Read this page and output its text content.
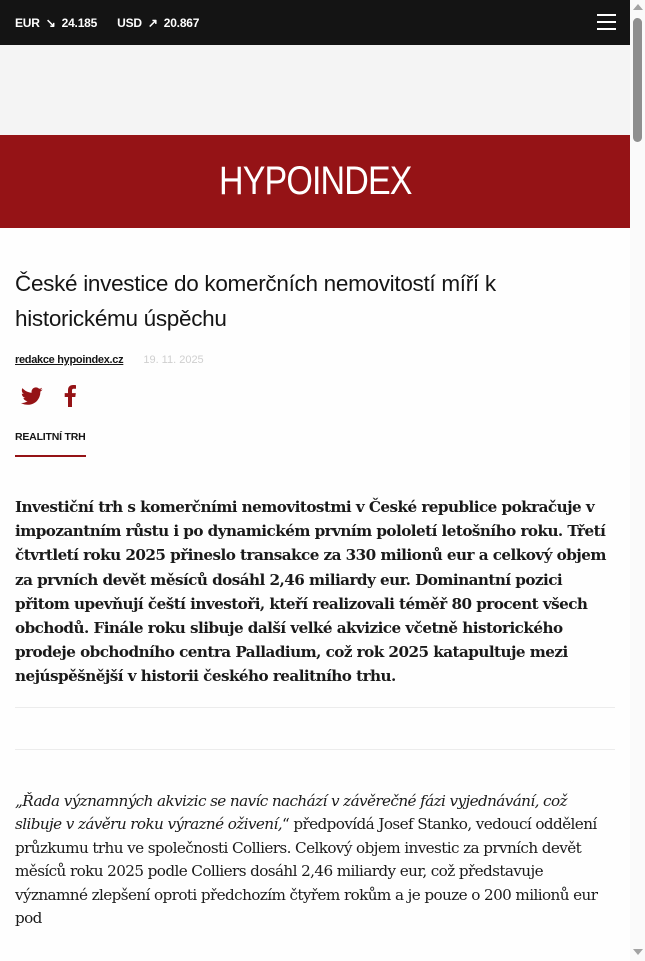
EUR ↘ 24.185 USD ↗ 20.867
HYPOINDEX
České investice do komerčních nemovitostí míří k historickému úspěchu
redakce hypoindex.cz 19. 11. 2025
REALITNÍ TRH

Investiční trh s komerčními nemovitostmi v České republice pokračuje v impozantním růstu i po dynamickém prvním pololetí letošního roku. Třetí čtvrtletí roku 2025 přineslo transakce za 330 milionů eur a celkový objem za prvních devět měsíců dosáhl 2,46 miliardy eur. Dominantní pozici přitom upevňují čeští investoři, kteří realizovali téměř 80 procent všech obchodů. Finále roku slibuje další velké akvizice včetně historického prodeje obchodního centra Palladium, což rok 2025 katapultuje mezi nejúspěšnější v historii českého realitního trhu.

„Řada významných akvizic se navíc nachází v závěrečné fázi vyjednávání, což slibuje v závěru roku výrazné oživení,“ předpovídá Josef Stanko, vedoucí oddělení průzkumu trhu ve společnosti Colliers. Celkový objem investic za prvních devět měsíců roku 2025 podle Colliers dosáhl 2,46 miliardy eur, což představuje významné zlepšení oproti předchozím čtyřem rokům a je pouze o 200 milionů eur pod
